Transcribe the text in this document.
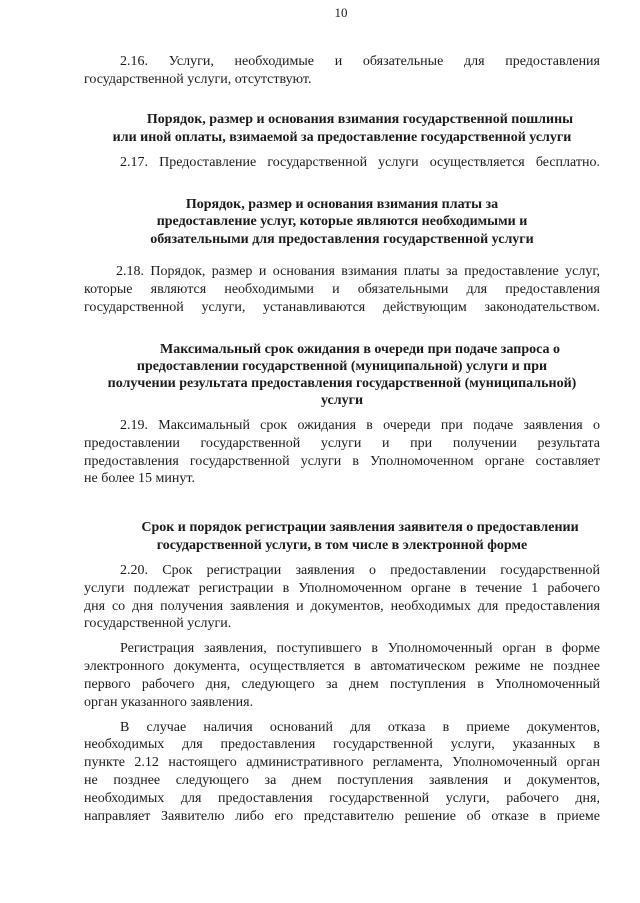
10
2.16. Услуги, необходимые и обязательные для предоставления
государственной услуги, отсутствуют.
Порядок, размер и основания взимания государственной пошлины
или иной оплаты, взимаемой за предоставление государственной услуги
2.17. Предоставление государственной услуги осуществляется бесплатно.
Порядок, размер и основания взимания платы за
предоставление услуг, которые являются необходимыми и
обязательными для предоставления государственной услуги
2.18. Порядок, размер и основания взимания платы за предоставление услуг,
которые являются необходимыми и обязательными для предоставления
государственной услуги, устанавливаются действующим законодательством.
Максимальный срок ожидания в очереди при подаче запроса о
предоставлении государственной (муниципальной) услуги и при
получении результата предоставления государственной (муниципальной)
услуги
2.19. Максимальный срок ожидания в очереди при подаче заявления о
предоставлении государственной услуги и при получении результата
предоставления государственной услуги в Уполномоченном органе составляет
не более 15 минут.
Срок и порядок регистрации заявления заявителя о предоставлении
государственной услуги, в том числе в электронной форме
2.20. Срок регистрации заявления о предоставлении государственной
услуги подлежат регистрации в Уполномоченном органе в течение 1 рабочего
дня со дня получения заявления и документов, необходимых для предоставления
государственной услуги.
Регистрация заявления, поступившего в Уполномоченный орган в форме
электронного документа, осуществляется в автоматическом режиме не позднее
первого рабочего дня, следующего за днем поступления в Уполномоченный
орган указанного заявления.
В случае наличия оснований для отказа в приеме документов,
необходимых для предоставления государственной услуги, указанных в
пункте 2.12 настоящего административного регламента, Уполномоченный орган
не позднее следующего за днем поступления заявления и документов,
необходимых для предоставления государственной услуги, рабочего дня,
направляет Заявителю либо его представителю решение об отказе в приеме
